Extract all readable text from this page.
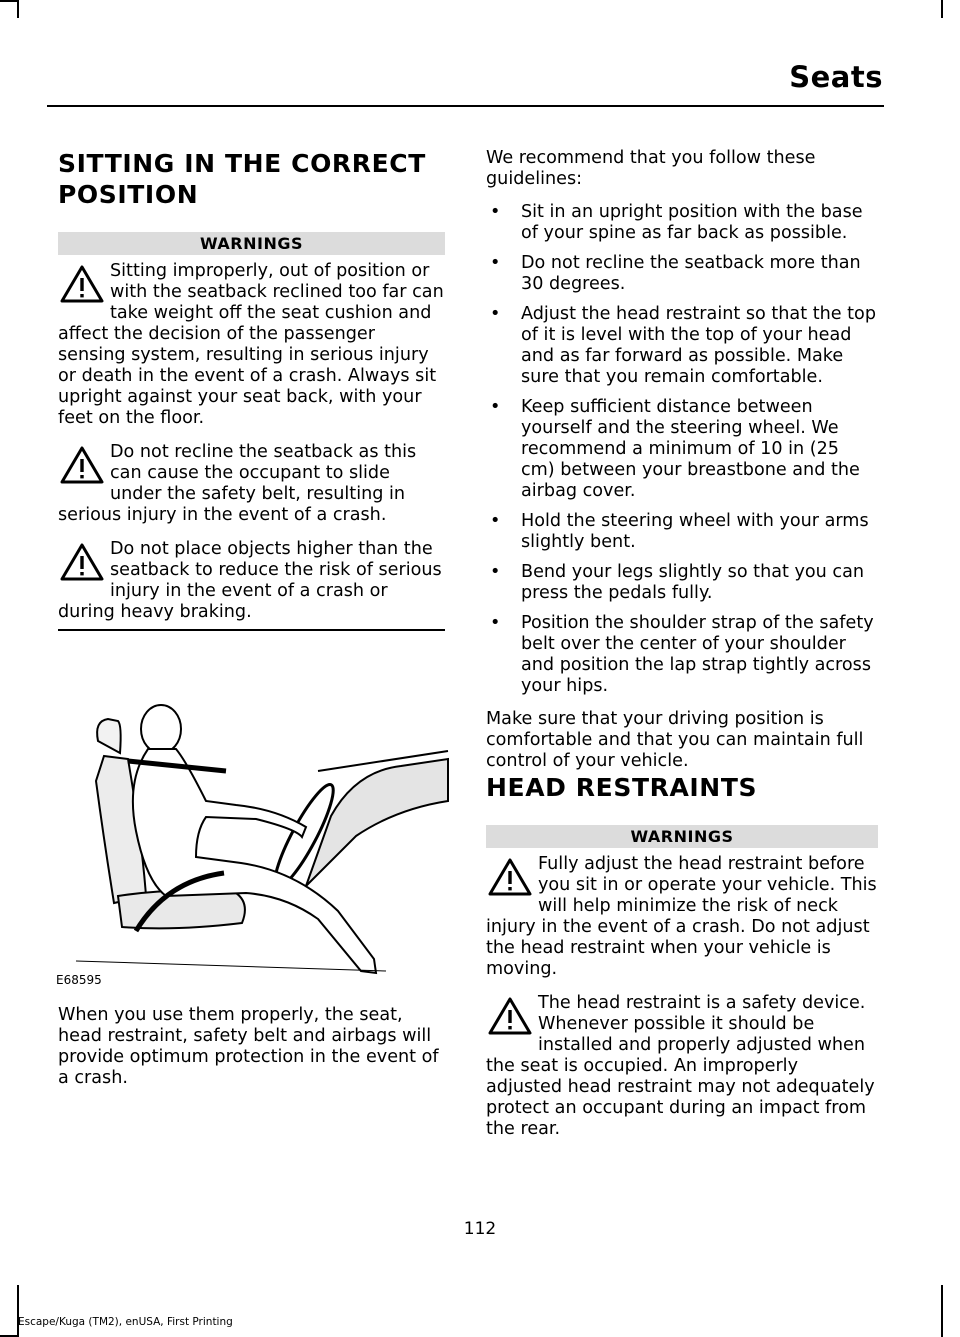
Seats
SITTING IN THE CORRECT POSITION
WARNINGS

Sitting improperly, out of position or with the seatback reclined too far can take weight off the seat cushion and affect the decision of the passenger sensing system, resulting in serious injury or death in the event of a crash. Always sit upright against your seat back, with your feet on the floor.

Do not recline the seatback as this can cause the occupant to slide under the safety belt, resulting in serious injury in the event of a crash.

Do not place objects higher than the seatback to reduce the risk of serious injury in the event of a crash or during heavy braking.

E68595

When you use them properly, the seat, head restraint, safety belt and airbags will provide optimum protection in the event of a crash.

We recommend that you follow these guidelines:

• Sit in an upright position with the base of your spine as far back as possible.
• Do not recline the seatback more than 30 degrees.
• Adjust the head restraint so that the top of it is level with the top of your head and as far forward as possible. Make sure that you remain comfortable.
• Keep sufficient distance between yourself and the steering wheel. We recommend a minimum of 10 in (25 cm) between your breastbone and the airbag cover.
• Hold the steering wheel with your arms slightly bent.
• Bend your legs slightly so that you can press the pedals fully.
• Position the shoulder strap of the safety belt over the center of your shoulder and position the lap strap tightly across your hips.

Make sure that your driving position is comfortable and that you can maintain full control of your vehicle.

HEAD RESTRAINTS
WARNINGS

Fully adjust the head restraint before you sit in or operate your vehicle. This will help minimize the risk of neck injury in the event of a crash. Do not adjust the head restraint when your vehicle is moving.

The head restraint is a safety device. Whenever possible it should be installed and properly adjusted when the seat is occupied. An improperly adjusted head restraint may not adequately protect an occupant during an impact from the rear.

112
Escape/Kuga (TM2), enUSA, First Printing
